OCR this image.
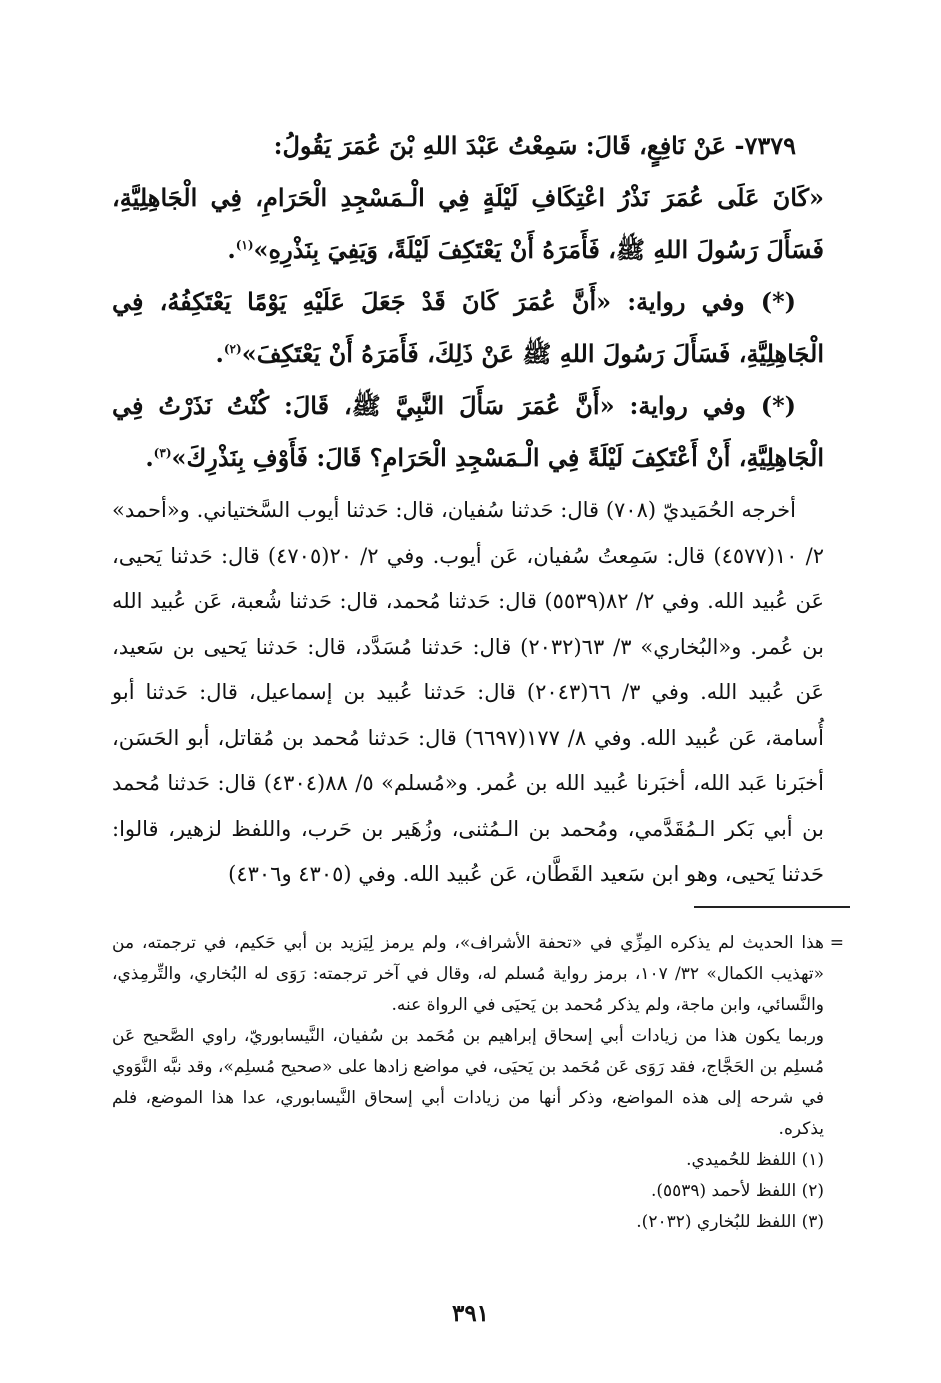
٧٣٧٩- عَنْ نَافِعٍ، قَالَ: سَمِعْتُ عَبْدَ اللهِ بْنَ عُمَرَ يَقُولُ:

«كَانَ عَلَى عُمَرَ نَذْرُ اعْتِكَافِ لَيْلَةٍ فِي الْـمَسْجِدِ الْحَرَامِ، فِي الْجَاهِلِيَّةِ، فَسَأَلَ رَسُولَ اللهِ ﷺ، فَأَمَرَهُ أَنْ يَعْتَكِفَ لَيْلَةً، وَيَفِيَ بِنَذْرِهِ»$^{(١)}$.

(*) وفي رواية: «أَنَّ عُمَرَ كَانَ قَدْ جَعَلَ عَلَيْهِ يَوْمًا يَعْتَكِفُهُ، فِي الْجَاهِلِيَّةِ، فَسَأَلَ رَسُولَ اللهِ ﷺ عَنْ ذَلِكَ، فَأَمَرَهُ أَنْ يَعْتَكِفَ»$^{(٢)}$.

(*) وفي رواية: «أَنَّ عُمَرَ سَأَلَ النَّبِيَّ ﷺ، قَالَ: كُنْتُ نَذَرْتُ فِي الْجَاهِلِيَّةِ، أَنْ أَعْتَكِفَ لَيْلَةً فِي الْـمَسْجِدِ الْحَرَامِ؟ قَالَ: فَأَوْفِ بِنَذْرِكَ»$^{(٣)}$.

أخرجه الحُمَيديّ (٧٠٨) قال: حَدثنا سُفيان، قال: حَدثنا أيوب السَّختياني. و«أحمد» ٢/ ١٠(٤٥٧٧) قال: سَمِعتُ سُفيان، عَن أيوب. وفي ٢/ ٢٠(٤٧٠٥) قال: حَدثنا يَحيى، عَن عُبيد الله. وفي ٢/ ٨٢(٥٥٣٩) قال: حَدثنا مُحمد، قال: حَدثنا شُعبة، عَن عُبيد الله بن عُمر. و«البُخاري» ٣/ ٦٣(٢٠٣٢) قال: حَدثنا مُسَدَّد، قال: حَدثنا يَحيى بن سَعيد، عَن عُبيد الله. وفي ٣/ ٦٦(٢٠٤٣) قال: حَدثنا عُبيد بن إسماعيل، قال: حَدثنا أبو أُسامة، عَن عُبيد الله. وفي ٨/ ١٧٧(٦٦٩٧) قال: حَدثنا مُحمد بن مُقاتل، أبو الحَسَن، أخبَرنا عَبد الله، أخبَرنا عُبيد الله بن عُمر. و«مُسلم» ٥/ ٨٨(٤٣٠٤) قال: حَدثنا مُحمد بن أبي بَكر الـمُقَدَّمي، ومُحمد بن الـمُثنى، وزُهَير بن حَرب، واللفظ لزهير، قالوا: حَدثنا يَحيى، وهو ابن سَعيد القَطَّان، عَن عُبيد الله. وفي (٤٣٠٥ و٤٣٠٦)

=
هذا الحديث لم يذكره المِزِّي في «تحفة الأشراف»، ولم يرمز لِيَزيد بن أبي حَكيم، في ترجمته، من «تهذيب الكمال» ٣٢/ ١٠٧، برمز رواية مُسلم له، وقال في آخر ترجمته: رَوَى له البُخاري، والتِّرمِذي، والنَّسائي، وابن ماجة، ولم يذكر مُحمد بن يَحيَى في الرواة عنه.

وربما يكون هذا من زيادات أبي إسحاق إبراهيم بن مُحَمد بن سُفيان، النَّيسابوريّ، راوي الصَّحيح عَن مُسلِم بن الحَجَّاج، فقد رَوَى عَن مُحَمد بن يَحيَى، في مواضع زادها على «صحيح مُسلِم»، وقد نبَّه النَّوَوي في شرحه إلى هذه المواضع، وذكر أنها من زيادات أبي إسحاق النَّيسابوري، عدا هذا الموضع، فلم يذكره.

(١) اللفظ للحُميدي.

(٢) اللفظ لأحمد (٥٥٣٩).

(٣) اللفظ للبُخاري (٢٠٣٢).

٣٩١
